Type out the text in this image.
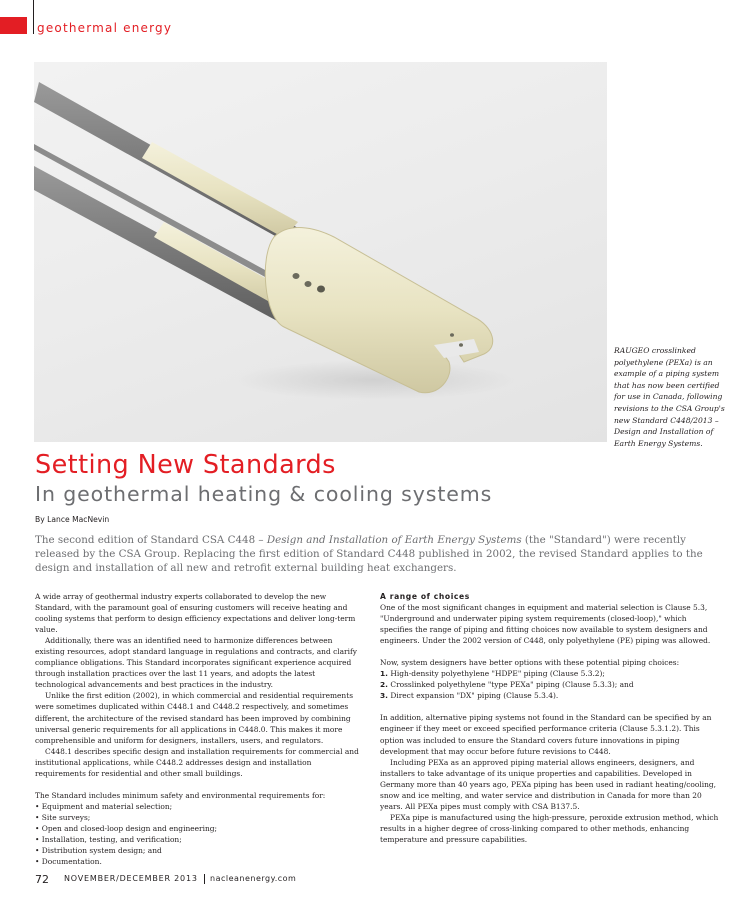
geothermal energy
RAUGEO crosslinked polyethylene (PEXa) is an example of a piping system that has now been certified for use in Canada, following revisions to the CSA Group's new Standard C448/2013 – Design and Installation of Earth Energy Systems.
Setting New Standards
In geothermal heating & cooling systems
By Lance MacNevin
The second edition of Standard CSA C448 – Design and Installation of Earth Energy Systems (the "Standard") were recently released by the CSA Group. Replacing the first edition of Standard C448 published in 2002, the revised Standard applies to the design and installation of all new and retrofit external building heat exchangers.

A wide array of geothermal industry experts collaborated to develop the new Standard, with the paramount goal of ensuring customers will receive heating and cooling systems that perform to design efficiency expectations and deliver long-term value.

Additionally, there was an identified need to harmonize differences between existing resources, adopt standard language in regulations and contracts, and clarify compliance obligations. This Standard incorporates significant experience acquired through installation practices over the last 11 years, and adopts the latest technological advancements and best practices in the industry.

Unlike the first edition (2002), in which commercial and residential requirements were sometimes duplicated within C448.1 and C448.2 respectively, and sometimes different, the architecture of the revised standard has been improved by combining universal generic requirements for all applications in C448.0. This makes it more comprehensible and uniform for designers, installers, users, and regulators.

C448.1 describes specific design and installation requirements for commercial and institutional applications, while C448.2 addresses design and installation requirements for residential and other small buildings.

The Standard includes minimum safety and environmental requirements for:

• Equipment and material selection;

• Site surveys;

• Open and closed-loop design and engineering;

• Installation, testing, and verification;

• Distribution system design; and

• Documentation.

A range of choices

One of the most significant changes in equipment and material selection is Clause 5.3, "Underground and underwater piping system requirements (closed-loop)," which specifies the range of piping and fitting choices now available to system designers and engineers. Under the 2002 version of C448, only polyethylene (PE) piping was allowed.

Now, system designers have better options with these potential piping choices:

1. High-density polyethylene "HDPE" piping (Clause 5.3.2);

2. Crosslinked polyethylene "type PEXa" piping (Clause 5.3.3); and

3. Direct expansion "DX" piping (Clause 5.3.4).

In addition, alternative piping systems not found in the Standard can be specified by an engineer if they meet or exceed specified performance criteria (Clause 5.3.1.2). This option was included to ensure the Standard covers future innovations in piping development that may occur before future revisions to C448.

Including PEXa as an approved piping material allows engineers, designers, and installers to take advantage of its unique properties and capabilities. Developed in Germany more than 40 years ago, PEXa piping has been used in radiant heating/cooling, snow and ice melting, and water service and distribution in Canada for more than 20 years. All PEXa pipes must comply with CSA B137.5.

PEXa pipe is manufactured using the high-pressure, peroxide extrusion method, which results in a higher degree of cross-linking compared to other methods, enhancing temperature and pressure capabilities.

72 NOVEMBER/DECEMBER 2013 nacleanenergy.com
